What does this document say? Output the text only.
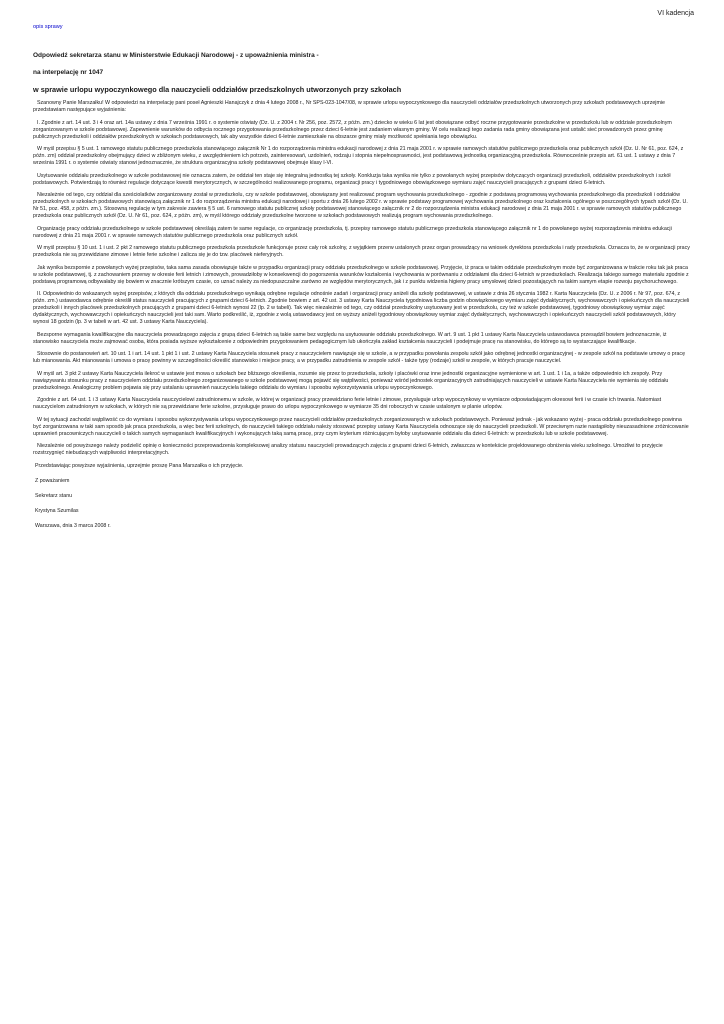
VI kadencja
opis sprawy
Odpowiedź sekretarza stanu w Ministerstwie Edukacji Narodowej - z upoważnienia ministra -
na interpelację nr 1047
w sprawie urlopu wypoczynkowego dla nauczycieli oddziałów przedszkolnych utworzonych przy szkołach

Szanowny Panie Marszałku! W odpowiedzi na interpelację pani poseł Agnieszki Hanajczyk z dnia 4 lutego 2008 r., Nr SPS-023-1047/08, w sprawie urlopu wypoczynkowego dla nauczycieli oddziałów przedszkolnych utworzonych przy szkołach podstawowych uprzejmie przedstawiam następujące wyjaśnienia:

I. Zgodnie z art. 14 ust. 3 i 4 oraz art. 14a ustawy z dnia 7 września 1991 r. o systemie oświaty (Dz. U. z 2004 r. Nr 256, poz. 2572, z późn. zm.) dziecko w wieku 6 lat jest obowiązane odbyć roczne przygotowanie przedszkolne w przedszkolu lub w oddziale przedszkolnym zorganizowanym w szkole podstawowej. Zapewnienie warunków do odbycia rocznego przygotowania przedszkolnego przez dzieci 6-letnie jest zadaniem własnym gminy. W celu realizacji tego zadania rada gminy obowiązana jest ustalić sieć prowadzonych przez gminę publicznych przedszkoli i oddziałów przedszkolnych w szkołach podstawowych, tak aby wszystkie dzieci 6-letnie zamieszkałe na obszarze gminy miały możliwość spełniania tego obowiązku.

W myśl przepisu § 5 ust. 1 ramowego statutu publicznego przedszkola stanowiącego załącznik Nr 1 do rozporządzenia ministra edukacji narodowej z dnia 21 maja 2001 r. w sprawie ramowych statutów publicznego przedszkola oraz publicznych szkół (Dz. U. Nr 61, poz. 624, z późn. zm) oddział przedszkolny obejmujący dzieci w zbliżonym wieku, z uwzględnieniem ich potrzeb, zainteresowań, uzdolnień, rodzaju i stopnia niepełnosprawności, jest podstawową jednostką organizacyjną przedszkola. Równocześnie przepis art. 61 ust. 1 ustawy z dnia 7 września 1991 r. o systemie oświaty stanowi jednoznacznie, że struktura organizacyjna szkoły podstawowej obejmuje klasy I-VI.

Usytuowanie oddziału przedszkolnego w szkole podstawowej nie oznacza zatem, że oddział ten staje się integralną jednostką tej szkoły. Konkluzja taka wynika nie tylko z powołanych wyżej przepisów dotyczących organizacji przedszkoli, oddziałów przedszkolnych i szkół podstawowych. Potwierdzają to również regulacje dotyczące kwestii merytorycznych, w szczególności realizowanego programu, organizacji pracy i tygodniowego obowiązkowego wymiaru zajęć nauczycieli pracujących z grupami dzieci 6-letnich.

Niezależnie od tego, czy oddział dla sześciolatków zorganizowany został w przedszkolu, czy w szkole podstawowej, obowiązany jest realizować program wychowania przedszkolnego - zgodnie z podstawą programową wychowania przedszkolnego dla przedszkoli i oddziałów przedszkolnych w szkołach podstawowych stanowiącą załącznik nr 1 do rozporządzenia ministra edukacji narodowej i sportu z dnia 26 lutego 2002 r. w sprawie podstawy programowej wychowania przedszkolnego oraz kształcenia ogólnego w poszczególnych typach szkół (Dz. U. Nr 51, poz. 458, z późn. zm.). Stosowną regulację w tym zakresie zawiera § 5 ust. 6 ramowego statutu publicznej szkoły podstawowej stanowiącego załącznik nr 2 do rozporządzenia ministra edukacji narodowej z dnia 21 maja 2001 r. w sprawie ramowych statutów publicznego przedszkola oraz publicznych szkół (Dz. U. Nr 61, poz. 624, z późn. zm), w myśl którego oddziały przedszkolne tworzone w szkołach podstawowych realizują program wychowania przedszkolnego.

Organizację pracy oddziału przedszkolnego w szkole podstawowej określają zatem te same regulacje, co organizację przedszkola, tj. przepisy ramowego statutu publicznego przedszkola stanowiącego załącznik nr 1 do powołanego wyżej rozporządzenia ministra edukacji narodowej z dnia 21 maja 2001 r. w sprawie ramowych statutów publicznego przedszkola oraz publicznych szkół.

W myśl przepisu § 10 ust. 1 i ust. 2 pkt 2 ramowego statutu publicznego przedszkola przedszkole funkcjonuje przez cały rok szkolny, z wyjątkiem przerw ustalonych przez organ prowadzący na wniosek dyrektora przedszkola i rady przedszkola. Oznacza to, że w organizacji pracy przedszkola nie są przewidziane zimowe i letnie ferie szkolne i zalicza się je do tzw. placówek nieferyjnych.

Jak wynika bezspornie z powołanych wyżej przepisów, taka sama zasada obowiązuje także w przypadku organizacji pracy oddziału przedszkolnego w szkole podstawowej. Przyjęcie, iż praca w takim oddziale przedszkolnym może być zorganizowana w trakcie roku tak jak praca w szkole podstawowej, tj. z zachowaniem przerwy w okresie ferii letnich i zimowych, prowadziłoby w konsekwencji do pogorszenia warunków kształcenia i wychowania w porównaniu z oddziałami dla dzieci 6-letnich w przedszkolach. Realizacja takiego samego materiału zgodnie z podstawą programową odbywałaby się bowiem w znacznie krótszym czasie, co uznać należy za niedopuszczalne zarówno ze względów merytorycznych, jak i z punktu widzenia higieny pracy umysłowej dzieci pozostających na takim samym etapie rozwoju psychoruchowego.

II. Odpowiednio do wskazanych wyżej przepisów, z których dla oddziału przedszkolnego wynikają odrębne regulacje odnośnie zadań i organizacji pracy aniżeli dla szkoły podstawowej, w ustawie z dnia 26 stycznia 1982 r. Karta Nauczyciela (Dz. U. z 2006 r. Nr 97, poz. 674, z późn. zm.) ustawodawca odrębnie określił status nauczycieli pracujących z grupami dzieci 6-letnich. Zgodnie bowiem z art. 42 ust. 3 ustawy Karta Nauczyciela tygodniowa liczba godzin obowiązkowego wymiaru zajęć dydaktycznych, wychowawczych i opiekuńczych dla nauczycieli przedszkoli i innych placówek przedszkolnych pracujących z grupami dzieci 6-letnich wynosi 22 (lp. 2 w tabeli). Tak więc niezależnie od tego, czy oddział przedszkolny usytuowany jest w przedszkolu, czy też w szkole podstawowej, tygodniowy obowiązkowy wymiar zajęć dydaktycznych, wychowawczych i opiekuńczych nauczycieli jest taki sam. Warto podkreślić, iż, zgodnie z wolą ustawodawcy jest on wyższy aniżeli tygodniowy obowiązkowy wymiar zajęć dydaktycznych, wychowawczych i opiekuńczych nauczycieli szkół podstawowych, który wynosi 18 godzin (lp. 3 w tabeli w art. 42 ust. 3 ustawy Karta Nauczyciela).

Bezsporne wymagania kwalifikacyjne dla nauczyciela prowadzącego zajęcia z grupą dzieci 6-letnich są takie same bez względu na usytuowanie oddziału przedszkolnego. W art. 9 ust. 1 pkt 1 ustawy Karta Nauczyciela ustawodawca przesądził bowiem jednoznacznie, iż stanowisko nauczyciela może zajmować osoba, która posiada wyższe wykształcenie z odpowiednim przygotowaniem pedagogicznym lub ukończyła zakład kształcenia nauczycieli i podejmuje pracę na stanowisku, do którego są to wystarczające kwalifikacje.

Stosownie do postanowień art. 10 ust. 1 i art. 14 ust. 1 pkt 1 i ust. 2 ustawy Karta Nauczyciela stosunek pracy z nauczycielem nawiązuje się w szkole, a w przypadku powołania zespołu szkół jako odrębnej jednostki organizacyjnej - w zespole szkół na podstawie umowy o pracę lub mianowania. Akt mianowania i umowa o pracę powinny w szczególności określić stanowisko i miejsce pracy, a w przypadku zatrudnienia w zespole szkół - także typy (rodzaje) szkół w zespole, w których pracuje nauczyciel.

W myśl art. 3 pkt 2 ustawy Karta Nauczyciela ilekroć w ustawie jest mowa o szkołach bez bliższego określenia, rozumie się przez to przedszkola, szkoły i placówki oraz inne jednostki organizacyjne wymienione w art. 1 ust. 1 i 1a, a także odpowiednio ich zespoły. Przy nawiązywaniu stosunku pracy z nauczycielem oddziału przedszkolnego zorganizowanego w szkole podstawowej mogą pojawić się wątpliwości, ponieważ wśród jednostek organizacyjnych zatrudniających nauczycieli w ustawie Karta Nauczyciela nie wymienia się oddziału przedszkolnego. Analogiczny problem pojawia się przy ustalaniu uprawnień nauczyciela takiego oddziału do wymiaru i sposobu wykorzystywania urlopu wypoczynkowego.

Zgodnie z art. 64 ust. 1 i 3 ustawy Karta Nauczyciela nauczycielowi zatrudnionemu w szkole, w której w organizacji pracy przewidziano ferie letnie i zimowe, przysługuje urlop wypoczynkowy w wymiarze odpowiadającym okresowi ferii i w czasie ich trwania. Natomiast nauczycielom zatrudnionym w szkołach, w których nie są przewidziane ferie szkolne, przysługuje prawo do urlopu wypoczynkowego w wymiarze 35 dni roboczych w czasie ustalonym w planie urlopów.

W tej sytuacji zachodzi wątpliwość co do wymiaru i sposobu wykorzystywania urlopu wypoczynkowego przez nauczycieli oddziałów przedszkolnych zorganizowanych w szkołach podstawowych. Ponieważ jednak - jak wskazano wyżej - praca oddziału przedszkolnego powinna być zorganizowana w taki sam sposób jak praca przedszkola, a więc bez ferii szkolnych, do nauczycieli takiego oddziału należy stosować przepisy ustawy Karta Nauczyciela odnoszące się do nauczycieli przedszkoli. W przeciwnym razie nastąpiłoby nieuzasadnione zróżnicowanie uprawnień pracowniczych nauczycieli o takich samych wymaganiach kwalifikacyjnych i wykonujących taką samą pracę, przy czym kryterium różnicującym byłoby usytuowanie oddziału dla dzieci 6-letnich: w przedszkolu lub w szkole podstawowej.

Niezależnie od powyższego należy podzielić opinię o konieczności przeprowadzenia kompleksowej analizy statusu nauczycieli prowadzących zajęcia z grupami dzieci 6-letnich, zwłaszcza w kontekście projektowanego obniżenia wieku szkolnego. Umożliwi to przyjęcie rozstrzygnięć niebudzących wątpliwości interpretacyjnych.

Przedstawiając powyższe wyjaśnienia, uprzejmie proszę Pana Marszałka o ich przyjęcie.
Z poważaniem
Sekretarz stanu
Krystyna Szumilas
Warszawa, dnia 3 marca 2008 r.
